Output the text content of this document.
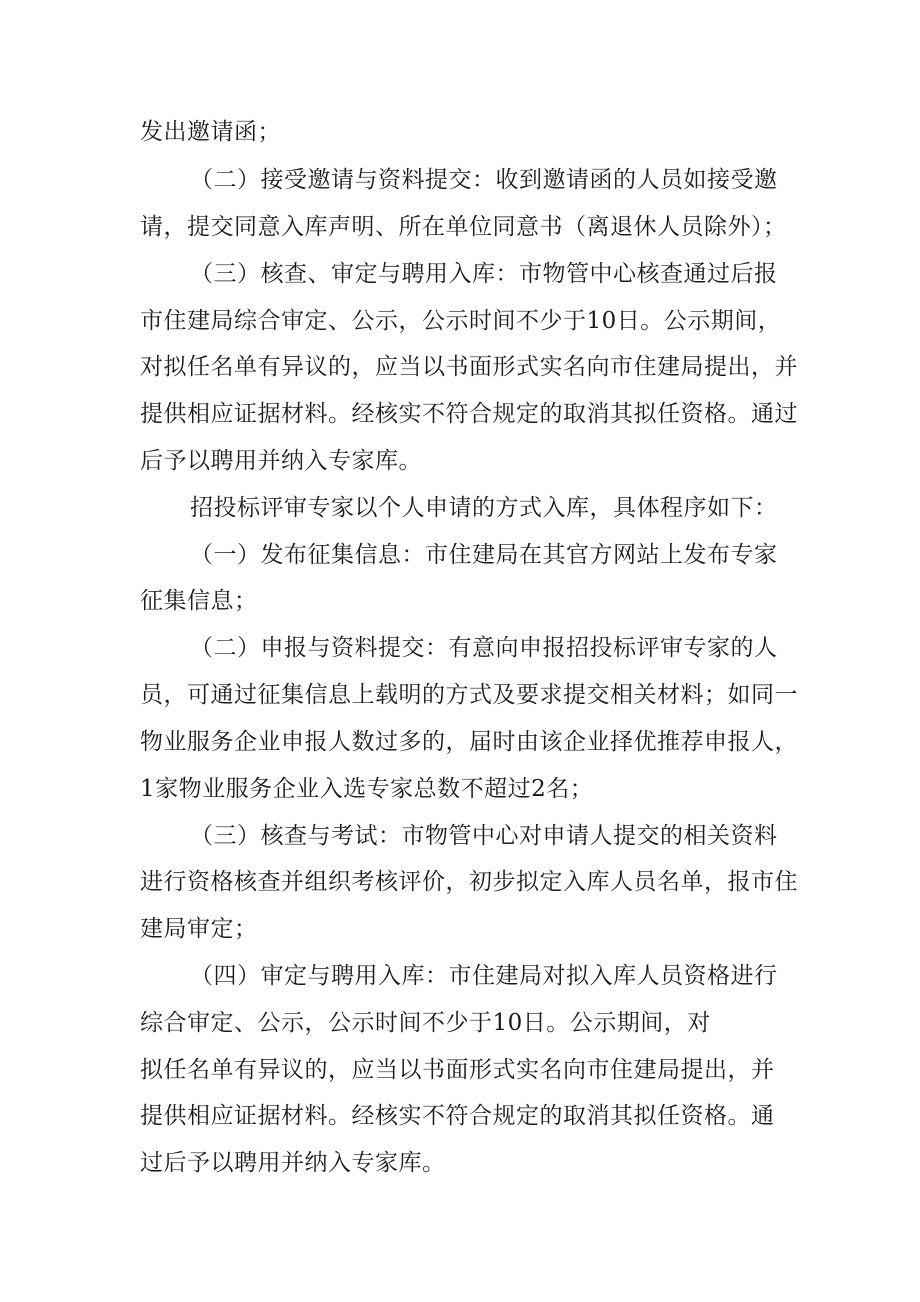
发出邀请函；
（二）接受邀请与资料提交：收到邀请函的人员如接受邀
请，提交同意入库声明、所在单位同意书（离退休人员除外）；
（三）核查、审定与聘用入库：市物管中心核查通过后报
市住建局综合审定、公示，公示时间不少于10日。公示期间，
对拟任名单有异议的，应当以书面形式实名向市住建局提出，并
提供相应证据材料。经核实不符合规定的取消其拟任资格。通过
后予以聘用并纳入专家库。
招投标评审专家以个人申请的方式入库，具体程序如下：
（一）发布征集信息：市住建局在其官方网站上发布专家
征集信息；
（二）申报与资料提交：有意向申报招投标评审专家的人
员，可通过征集信息上载明的方式及要求提交相关材料；如同一
物业服务企业申报人数过多的，届时由该企业择优推荐申报人，
1家物业服务企业入选专家总数不超过2名；
（三）核查与考试：市物管中心对申请人提交的相关资料
进行资格核查并组织考核评价，初步拟定入库人员名单，报市住
建局审定；
（四）审定与聘用入库：市住建局对拟入库人员资格进行
综合审定、公示，公示时间不少于10日。公示期间，对
拟任名单有异议的，应当以书面形式实名向市住建局提出，并
提供相应证据材料。经核实不符合规定的取消其拟任资格。通
过后予以聘用并纳入专家库。
